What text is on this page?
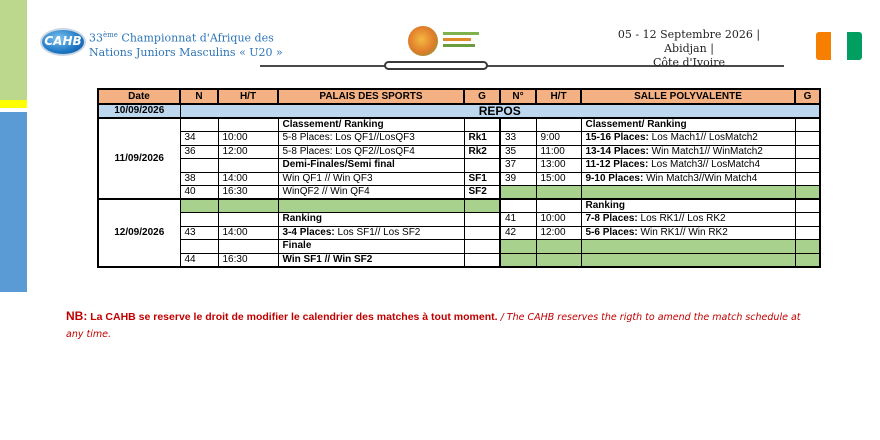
CAHB 33ème Championnat d'Afrique des
Nations Juniors Masculins « U20 »
05 - 12 Septembre 2026 | Abidjan |
Côte d'Ivoire
Date	N	H/T	PALAIS DES SPORTS	G	N°	H/T	SALLE POLYVALENTE	G
10/09/2026	REPOS							
11/09/2026			Classement/ Ranking				Classement/ Ranking	
	34	10:00	5-8 Places: Los QF1//LosQF3	Rk1	33	9:00	15-16 Places: Los Mach1// LosMatch2	
	36	12:00	5-8 Places: Los QF2//LosQF4	Rk2	35	11:00	13-14 Places: Win Match1// WinMatch2	
			Demi-Finales/Semi final		37	13:00	11-12 Places: Los Match3// LosMatch4	
	38	14:00	Win QF1 // Win QF3	SF1	39	15:00	9-10 Places: Win Match3//Win Match4	
	40	16:30	WinQF2 // Win QF4	SF2				
12/09/2026							Ranking	
			Ranking		41	10:00	7-8 Places: Los RK1// Los RK2	
	43	14:00	3-4 Places: Los SF1// Los SF2		42	12:00	5-6 Places: Win RK1// Win RK2	
			Finale					
	44	16:30	Win SF1 // Win SF2					
NB: La CAHB se reserve le droit de modifier le calendrier des matches à tout moment. / The CAHB reserves the rigth to amend the match schedule at any time.
